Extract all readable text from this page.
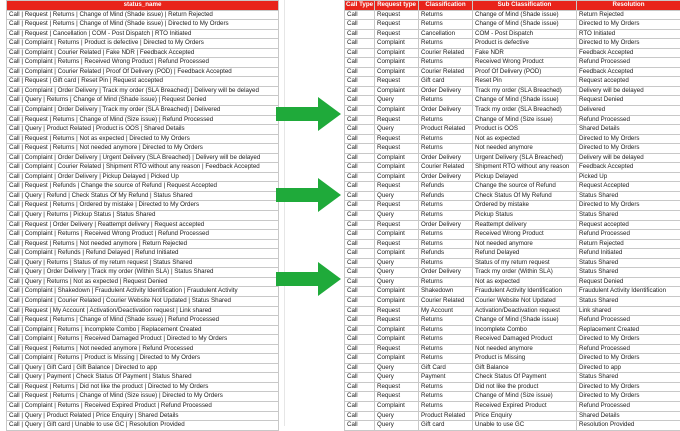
status_name
Call | Request | Returns | Change of Mind (Shade issue) | Return Rejected
Call | Request | Returns | Change of Mind (Shade issue) | Directed to My Orders
Call | Request | Cancellation | COM - Post Dispatch | RTO Initiated
Call | Complaint | Returns | Product is defective | Directed to My Orders
Call | Complaint | Courier Related | Fake NDR | Feedback Accepted
Call | Complaint | Returns | Received Wrong Product | Refund Processed
Call | Complaint | Courier Related | Proof Of Delivery (POD) | Feedback Accepted
Call | Request | Gift card | Reset Pin | Request accepted
Call | Complaint | Order Delivery | Track my order (SLA Breached) | Delivery will be delayed
Call | Query | Returns | Change of Mind (Shade issue) | Request Denied
Call | Complaint | Order Delivery | Track my order (SLA Breached) | Delivered
Call | Request | Returns | Change of Mind (Size issue) | Refund Processed
Call | Query | Product Related | Product is OOS | Shared Details
Call | Request | Returns | Not as expected | Directed to My Orders
Call | Request | Returns | Not needed anymore | Directed to My Orders
Call | Complaint | Order Delivery | Urgent Delivery (SLA Breached) | Delivery will be delayed
Call | Complaint | Courier Related | Shipment RTO without any reason | Feedback Accepted
Call | Complaint | Order Delivery | Pickup Delayed | Picked Up
Call | Request | Refunds | Change the source of Refund | Request Accepted
Call | Query | Refund | Check Status Of My Refund | Status Shared
Call | Request | Returns | Ordered by mistake | Directed to My Orders
Call | Query | Returns | Pickup Status | Status Shared
Call | Request | Order Delivery | Reattempt delivery | Request accepted
Call | Complaint | Returns | Received Wrong Product | Refund Processed
Call | Request | Returns | Not needed anymore | Return Rejected
Call | Complaint | Refunds | Refund Delayed | Refund Initiated
Call | Query | Returns | Status of my return request | Status Shared
Call | Query | Order Delivery | Track my order (Within SLA) | Status Shared
Call | Query | Returns | Not as expected | Request Denied
Call | Complaint | Shakedown | Fraudulent Activity Identification | Fraudulent Activity
Call | Complaint | Courier Related | Courier Website Not Updated | Status Shared
Call | Request | My Account | Activation/Deactivation request | Link shared
Call | Request | Returns | Change of Mind (Shade issue) | Refund Processed
Call | Complaint | Returns | Incomplete Combo | Replacement Created
Call | Complaint | Returns | Received Damaged Product | Directed to My Orders
Call | Request | Returns | Not needed anymore | Refund Processed
Call | Complaint | Returns | Product is Missing | Directed to My Orders
Call | Query | Gift Card | Gift Balance | Directed to app
Call | Query | Payment | Check Status Of Payment | Status Shared
Call | Request | Returns | Did not like the product | Directed to My Orders
Call | Request | Returns | Change of Mind (Size issue) | Directed to My Orders
Call | Complaint | Returns | Received Expired Product | Refund Processed
Call | Query | Product Related | Price Enquiry | Shared Details
Call | Query | Gift card | Unable to use GC | Resolution Provided
Call Type	Request type	Classification	Sub Classification	Resolution
Call	Request	Returns	Change of Mind (Shade issue)	Return Rejected
Call	Request	Returns	Change of Mind (Shade issue)	Directed to My Orders
Call	Request	Cancellation	COM - Post Dispatch	RTO Initiated
Call	Complaint	Returns	Product is defective	Directed to My Orders
Call	Complaint	Courier Related	Fake NDR	Feedback Accepted
Call	Complaint	Returns	Received Wrong Product	Refund Processed
Call	Complaint	Courier Related	Proof Of Delivery (POD)	Feedback Accepted
Call	Request	Gift card	Reset Pin	Request accepted
Call	Complaint	Order Delivery	Track my order (SLA Breached)	Delivery will be delayed
Call	Query	Returns	Change of Mind (Shade issue)	Request Denied
Call	Complaint	Order Delivery	Track my order (SLA Breached)	Delivered
Call	Request	Returns	Change of Mind (Size issue)	Refund Processed
Call	Query	Product Related	Product is OOS	Shared Details
Call	Request	Returns	Not as expected	Directed to My Orders
Call	Request	Returns	Not needed anymore	Directed to My Orders
Call	Complaint	Order Delivery	Urgent Delivery (SLA Breached)	Delivery will be delayed
Call	Complaint	Courier Related	Shipment RTO without any reason	Feedback Accepted
Call	Complaint	Order Delivery	Pickup Delayed	Picked Up
Call	Request	Refunds	Change the source of Refund	Request Accepted
Call	Query	Refunds	Check Status Of My Refund	Status Shared
Call	Request	Returns	Ordered by mistake	Directed to My Orders
Call	Query	Returns	Pickup Status	Status Shared
Call	Request	Order Delivery	Reattempt delivery	Request accepted
Call	Complaint	Returns	Received Wrong Product	Refund Processed
Call	Request	Returns	Not needed anymore	Return Rejected
Call	Complaint	Refunds	Refund Delayed	Refund Initiated
Call	Query	Returns	Status of my return request	Status Shared
Call	Query	Order Delivery	Track my order (Within SLA)	Status Shared
Call	Query	Returns	Not as expected	Request Denied
Call	Complaint	Shakedown	Fraudulent Activity Identification	Fraudulent Activity Identification
Call	Complaint	Courier Related	Courier Website Not Updated	Status Shared
Call	Request	My Account	Activation/Deactivation request	Link shared
Call	Request	Returns	Change of Mind (Shade issue)	Refund Processed
Call	Complaint	Returns	Incomplete Combo	Replacement Created
Call	Complaint	Returns	Received Damaged Product	Directed to My Orders
Call	Request	Returns	Not needed anymore	Refund Processed
Call	Complaint	Returns	Product is Missing	Directed to My Orders
Call	Query	Gift Card	Gift Balance	Directed to app
Call	Query	Payment	Check Status Of Payment	Status Shared
Call	Request	Returns	Did not like the product	Directed to My Orders
Call	Request	Returns	Change of Mind (Size issue)	Directed to My Orders
Call	Complaint	Returns	Received Expired Product	Refund Processed
Call	Query	Product Related	Price Enquiry	Shared Details
Call	Query	Gift card	Unable to use GC	Resolution Provided
